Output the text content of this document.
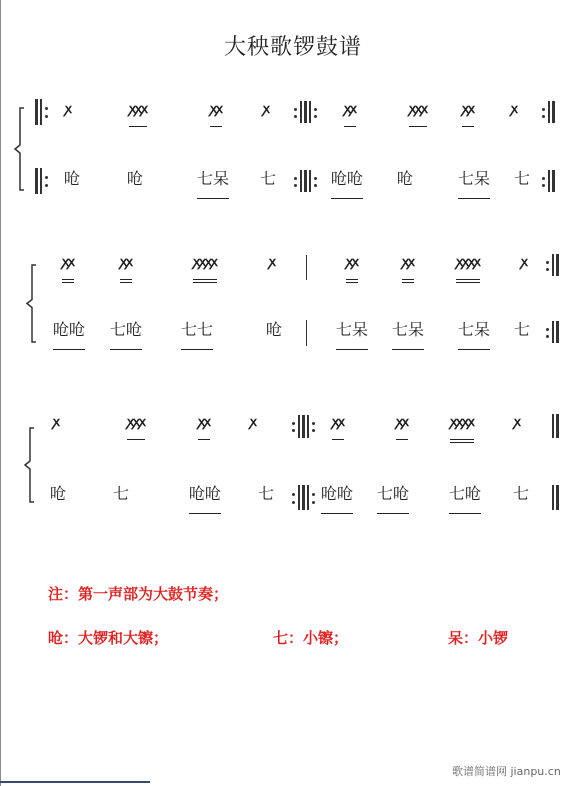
大秧歌锣鼓谱
ꭗ	ꭗꭗꭗ	ꭗꭗ	ꭗ	ꭗꭗ	ꭗꭗꭗ	ꭗꭗ	ꭗ
呛	呛	七呆 七	呛呛 呛	七呆 七
ꭗꭗ	ꭗꭗ	ꭗꭗꭗꭗ	ꭗ	ꭗꭗ	ꭗꭗ	ꭗꭗꭗꭗ	ꭗ
呛呛 七呛 七七	呛	七呆 七呆 七呆 七
ꭗ	ꭗꭗꭗ	ꭗꭗ	ꭗ	ꭗꭗ	ꭗꭗ	ꭗꭗꭗꭗ	ꭗ
呛	七	呛呛 七	呛呛 七呛 七呛 七
注：第一声部为大鼓节奏；
呛：大锣和大镲；	七：小镲；	呆：小锣
歌谱简谱网 jianpu.cn
